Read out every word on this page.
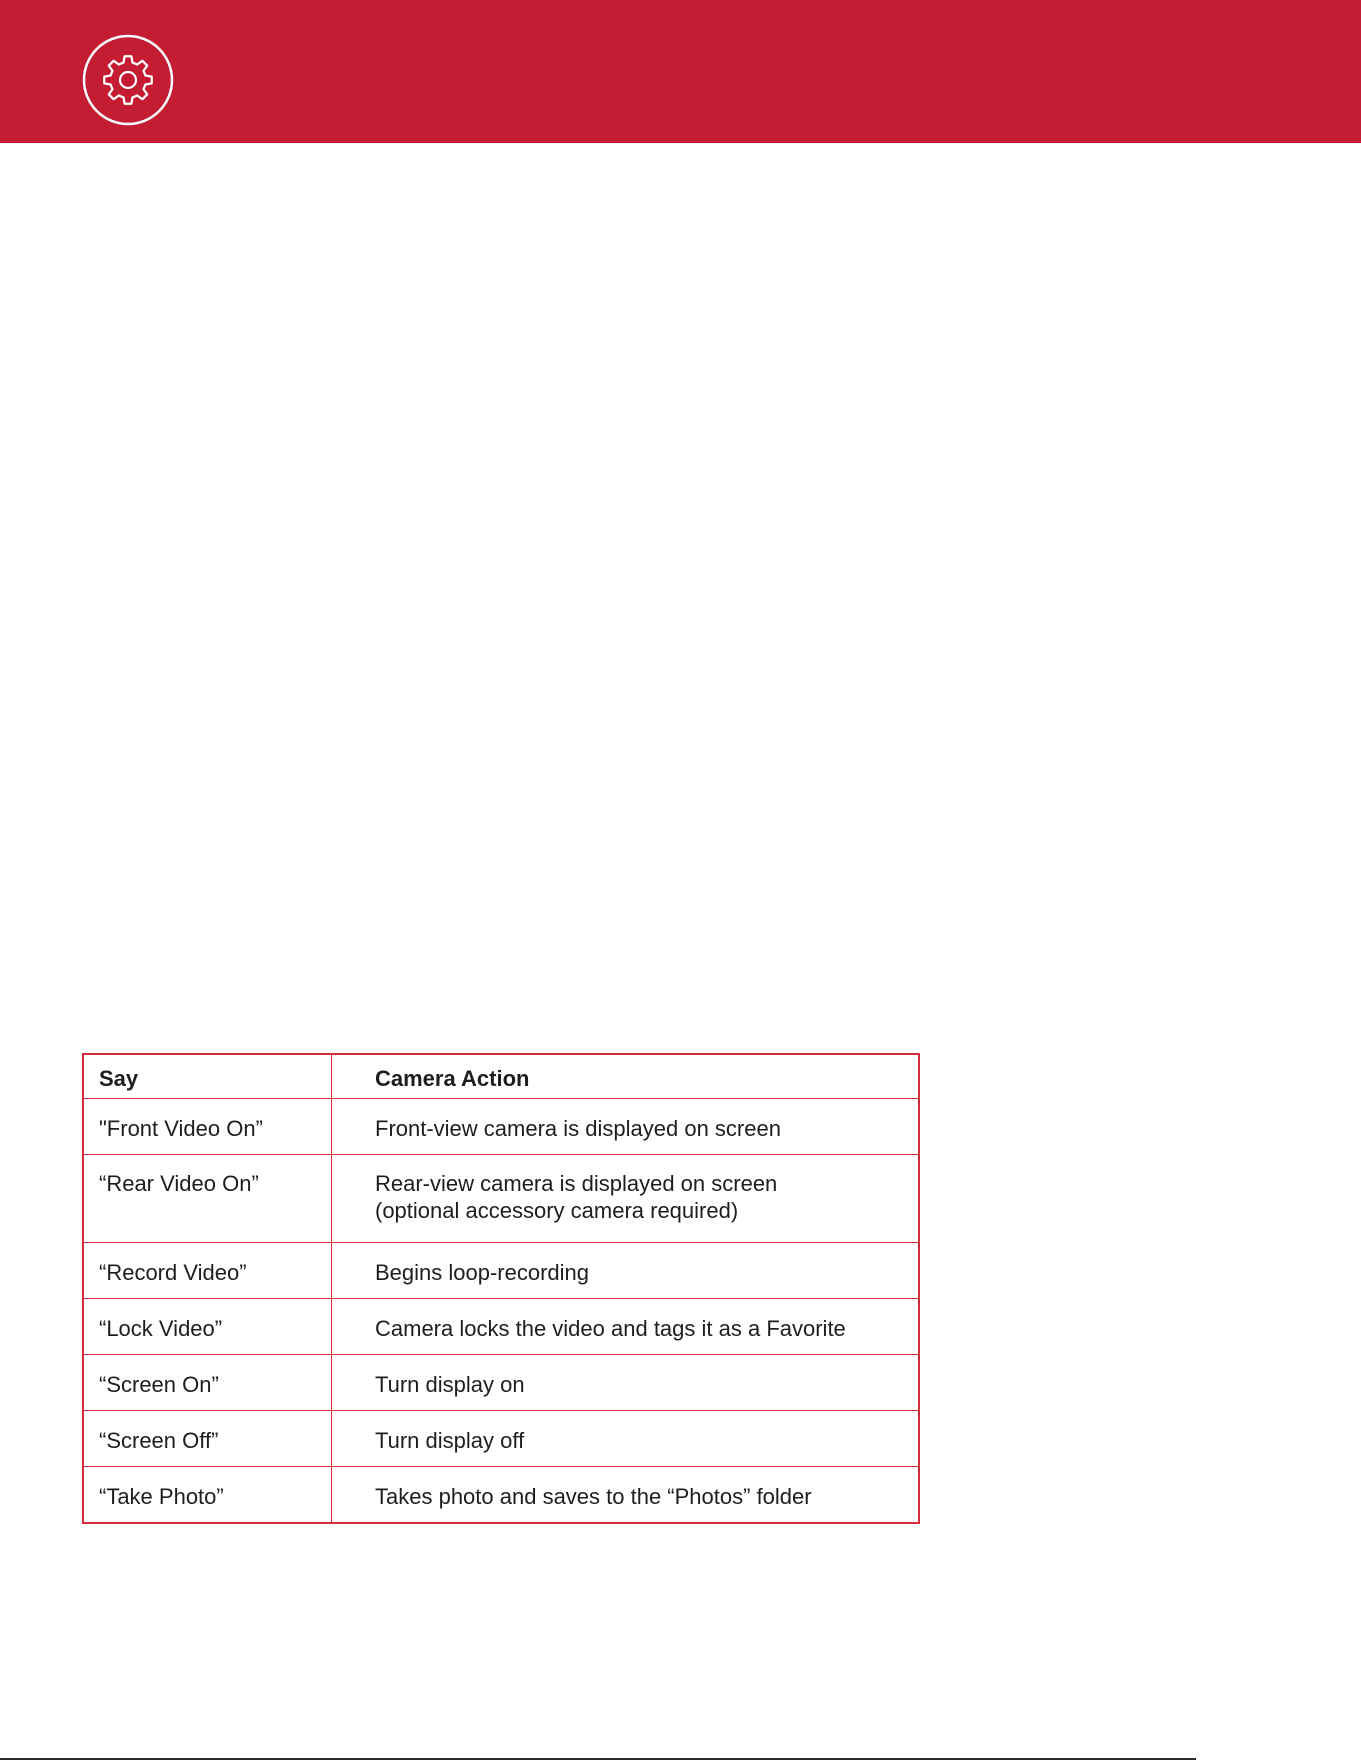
Say	Camera Action
"Front Video On”	Front-view camera is displayed on screen

“Rear Video On”	Rear-view camera is displayed on screen
(optional accessory camera required)

“Record Video”	Begins loop-recording

“Lock Video”	Camera locks the video and tags it as a Favorite

“Screen On”	Turn display on

“Screen Off”	Turn display off

“Take Photo”	Takes photo and saves to the “Photos” folder
